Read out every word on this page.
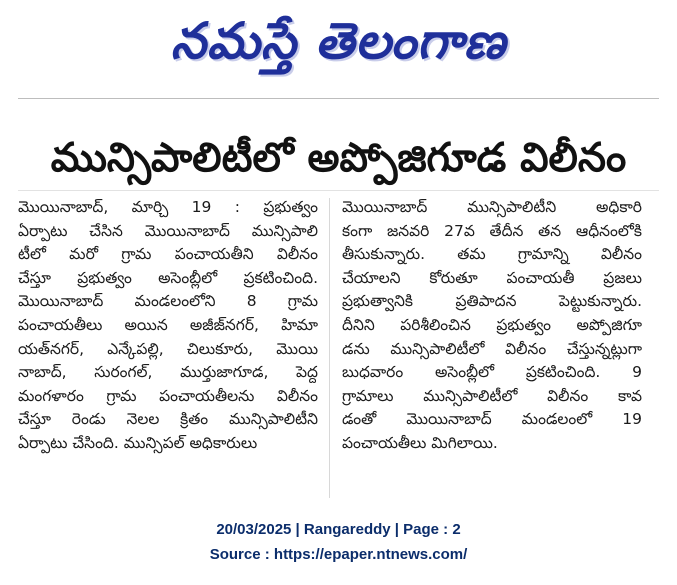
నమస్తే తెలంగాణ
మున్సిపాలిటీలో అప్పోజిగూడ విలీనం
మొయినాబాద్, మార్చి 19 : ప్రభుత్వం
ఏర్పాటు చేసిన మొయినాబాద్ మున్సిపాలి
టీలో మరో గ్రామ పంచాయతీని విలీనం
చేస్తూ ప్రభుత్వం అసెంబ్లీలో ప్రకటించింది.
మొయినాబాద్ మండలంలోని 8 గ్రామ
పంచాయతీలు అయిన అజీజ్‌నగర్, హిమా
యత్‌నగర్, ఎన్కేపల్లి, చిలుకూరు, మొయి
నాబాద్, సురంగల్, ముర్తుజాగూడ, పెద్ద
మంగళారం గ్రామ పంచాయతీలను విలీనం
చేస్తూ రెండు నెలల క్రితం మున్సిపాలిటీని
ఏర్పాటు చేసింది. మున్సిపల్ అధికారులు
మొయినాబాద్ మున్సిపాలిటీని అధికారి
కంగా జనవరి 27వ తేదీన తన ఆధీనంలోకి
తీసుకున్నారు. తమ గ్రామాన్ని విలీనం
చేయాలని కోరుతూ పంచాయతీ ప్రజలు
ప్రభుత్వానికి ప్రతిపాదన పెట్టుకున్నారు.
దీనిని పరిశీలించిన ప్రభుత్వం అప్పోజిగూ
డను మున్సిపాలిటీలో విలీనం చేస్తున్నట్లుగా
బుధవారం అసెంబ్లీలో ప్రకటించింది. 9
గ్రామాలు మున్సిపాలిటీలో విలీనం కావ
డంతో మొయినాబాద్ మండలంలో 19
పంచాయతీలు మిగిలాయి.
20/03/2025 | Rangareddy | Page : 2
Source : https://epaper.ntnews.com/
